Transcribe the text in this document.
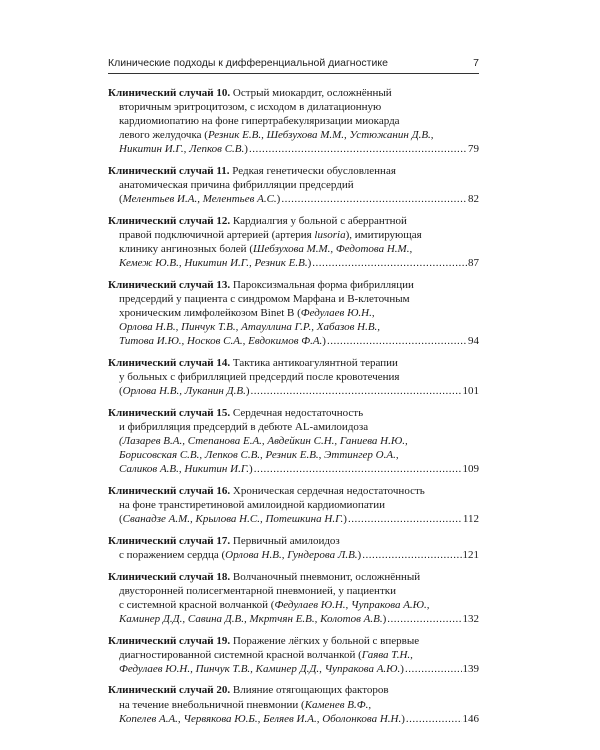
Клинические подходы к дифференциальной диагностике	7
Клинический случай 10. Острый миокардит, осложнённый
вторичным эритроцитозом, с исходом в дилатационную
кардиомиопатию на фоне гипертрабекуляризации миокарда
левого желудочка (Резник Е.В., Шебзухова М.М., Устюжанин Д.В.,
Никитин И.Г., Лепков С.В.) .....	79
Клинический случай 11. Редкая генетически обусловленная
анатомическая причина фибрилляции предсердий
(Мелентьев И.А., Мелентьев А.С.) .....	82
Клинический случай 12. Кардиалгия у больной с аберрантной
правой подключичной артерией (артерия lusoria), имитирующая
клинику ангинозных болей (Шебзухова М.М., Федотова Н.М.,
Кемеж Ю.В., Никитин И.Г., Резник Е.В.) .....	87
Клинический случай 13. Пароксизмальная форма фибрилляции
предсердий у пациента с синдромом Марфана и В-клеточным
хроническим лимфолейкозом Binet B (Федулаев Ю.Н.,
Орлова Н.В., Пинчук Т.В., Атауллина Г.Р., Хабазов Н.В.,
Титова И.Ю., Носков С.А., Евдокимов Ф.А.) .....	94
Клинический случай 14. Тактика антикоагулянтной терапии
у больных с фибрилляцией предсердий после кровотечения
(Орлова Н.В., Луканин Д.В.) .....	101
Клинический случай 15. Сердечная недостаточность
и фибрилляция предсердий в дебюте AL-амилоидоза
(Лазарев В.А., Степанова Е.А., Авдейкин С.Н., Ганиева Н.Ю.,
Борисовская С.В., Лепков С.В., Резник Е.В., Эттингер О.А.,
Саликов А.В., Никитин И.Г.) .....	109
Клинический случай 16. Хроническая сердечная недостаточность
на фоне транстиретиновой амилоидной кардиомиопатии
(Сванадзе А.М., Крылова Н.С., Потешкина Н.Г.) .....	112
Клинический случай 17. Первичный амилоидоз
с поражением сердца (Орлова Н.В., Гундерова Л.В.) .....	121
Клинический случай 18. Волчаночный пневмонит, осложнённый
двусторонней полисегментарной пневмонией, у пациентки
с системной красной волчанкой (Федулаев Ю.Н., Чупракова А.Ю.,
Каминер Д.Д., Савина Д.В., Мкртчян Е.В., Колотов А.В.) .....	132
Клинический случай 19. Поражение лёгких у больной с впервые
диагностированной системной красной волчанкой (Гаява Т.Н.,
Федулаев Ю.Н., Пинчук Т.В., Каминер Д.Д., Чупракова А.Ю.) .....	139
Клинический случай 20. Влияние отягощающих факторов
на течение внебольничной пневмонии (Каменев В.Ф.,
Копелев А.А., Червякова Ю.Б., Беляев И.А., Оболонкова Н.Н.) .....	146
